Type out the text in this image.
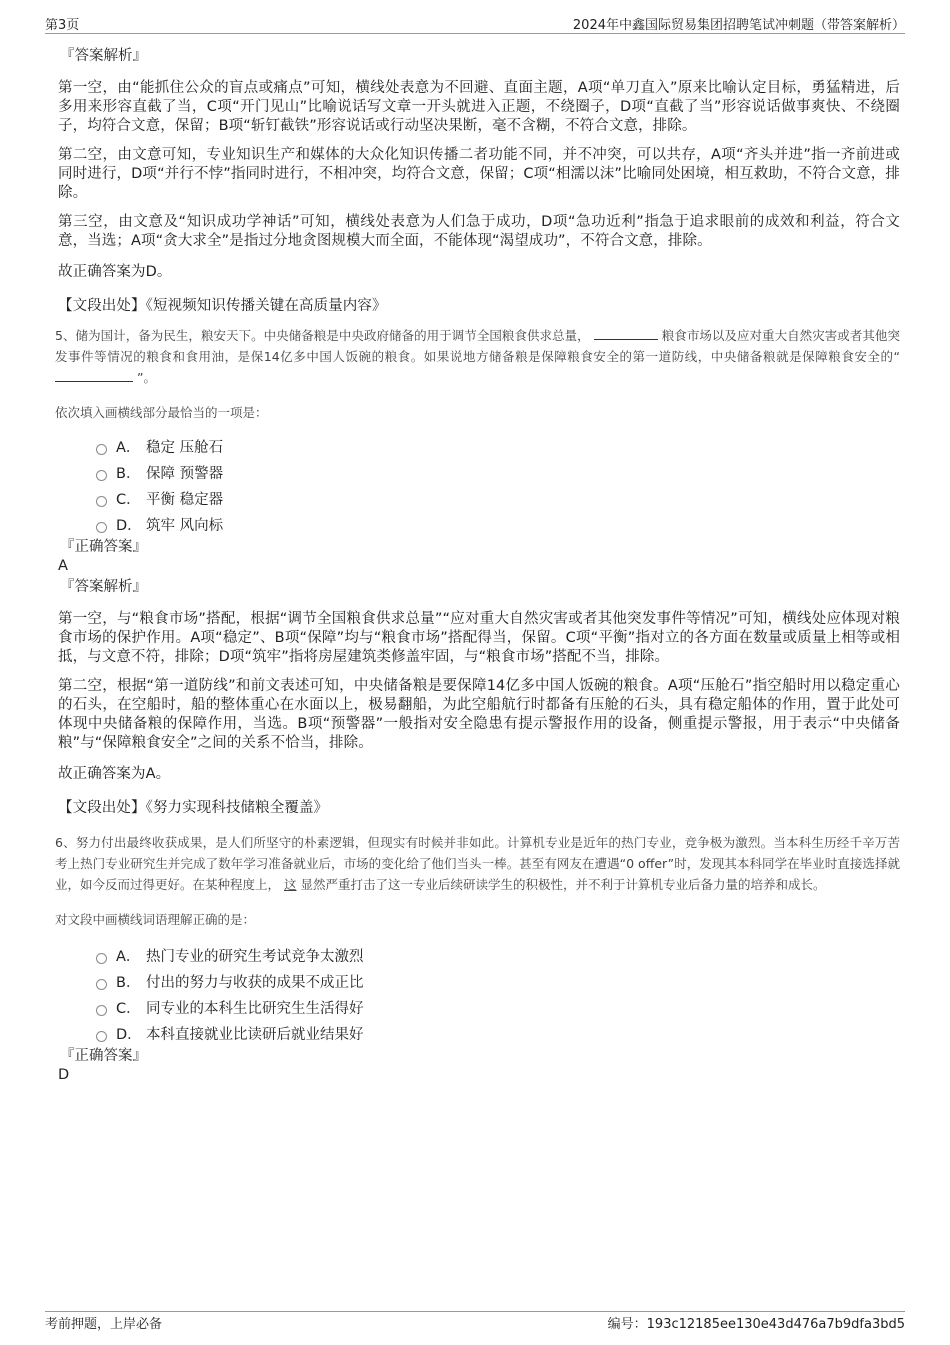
第3页	2024年中鑫国际贸易集团招聘笔试冲刺题（带答案解析）
『答案解析』

第一空，由“能抓住公众的盲点或痛点”可知，横线处表意为不回避、直面主题，A项“单刀直入”原来比喻认定目标，勇猛精进，后多用来形容直截了当，C项“开门见山”比喻说话写文章一开头就进入正题，不绕圈子，D项“直截了当”形容说话做事爽快、不绕圈子，均符合文意，保留；B项“斩钉截铁”形容说话或行动坚决果断，毫不含糊，不符合文意，排除。

第二空，由文意可知，专业知识生产和媒体的大众化知识传播二者功能不同，并不冲突，可以共存，A项“齐头并进”指一齐前进或同时进行，D项“并行不悖”指同时进行，不相冲突，均符合文意，保留；C项“相濡以沫”比喻同处困境，相互救助，不符合文意，排除。

第三空，由文意及“知识成功学神话”可知，横线处表意为人们急于成功，D项“急功近利”指急于追求眼前的成效和利益，符合文意，当选；A项“贪大求全”是指过分地贪图规模大而全面，不能体现“渴望成功”，不符合文意，排除。

故正确答案为D。

【文段出处】《短视频知识传播关键在高质量内容》

5、储为国计，备为民生，粮安天下。中央储备粮是中央政府储备的用于调节全国粮食供求总量，	粮食市场以及应对重大自然灾害或者其他突发事件等情况的粮食和食用油，是保14亿多中国人饭碗的粮食。如果说地方储备粮是保障粮食安全的第一道防线，中央储备粮就是保障粮食安全的“  ”。

依次填入画横线部分最恰当的一项是：

A． 稳定 压舱石
B． 保障 预警器
C． 平衡 稳定器
D． 筑牢 风向标
『正确答案』
A
『答案解析』

第一空，与“粮食市场”搭配，根据“调节全国粮食供求总量”“应对重大自然灾害或者其他突发事件等情况”可知，横线处应体现对粮食市场的保护作用。A项“稳定”、B项“保障”均与“粮食市场”搭配得当，保留。C项“平衡”指对立的各方面在数量或质量上相等或相抵，与文意不符，排除；D项“筑牢”指将房屋建筑类修盖牢固，与“粮食市场”搭配不当，排除。

第二空，根据“第一道防线”和前文表述可知，中央储备粮是要保障14亿多中国人饭碗的粮食。A项“压舱石”指空船时用以稳定重心的石头，在空船时，船的整体重心在水面以上，极易翻船，为此空船航行时都备有压舱的石头，具有稳定船体的作用，置于此处可体现中央储备粮的保障作用，当选。B项“预警器”一般指对安全隐患有提示警报作用的设备，侧重提示警报，用于表示“中央储备粮”与“保障粮食安全”之间的关系不恰当，排除。

故正确答案为A。

【文段出处】《努力实现科技储粮全覆盖》

6、努力付出最终收获成果，是人们所坚守的朴素逻辑，但现实有时候并非如此。计算机专业是近年的热门专业，竞争极为激烈。当本科生历经千辛万苦考上热门专业研究生并完成了数年学习准备就业后，市场的变化给了他们当头一棒。甚至有网友在遭遇“0 offer”时，发现其本科同学在毕业时直接选择就业，如今反而过得更好。在某种程度上， 这 显然严重打击了这一专业后续研读学生的积极性，并不利于计算机专业后备力量的培养和成长。

对文段中画横线词语理解正确的是：

A． 热门专业的研究生考试竞争太激烈
B． 付出的努力与收获的成果不成正比
C． 同专业的本科生比研究生生活得好
D． 本科直接就业比读研后就业结果好
『正确答案』
D
考前押题，上岸必备	编号：193c12185ee130e43d476a7b9dfa3bd5
